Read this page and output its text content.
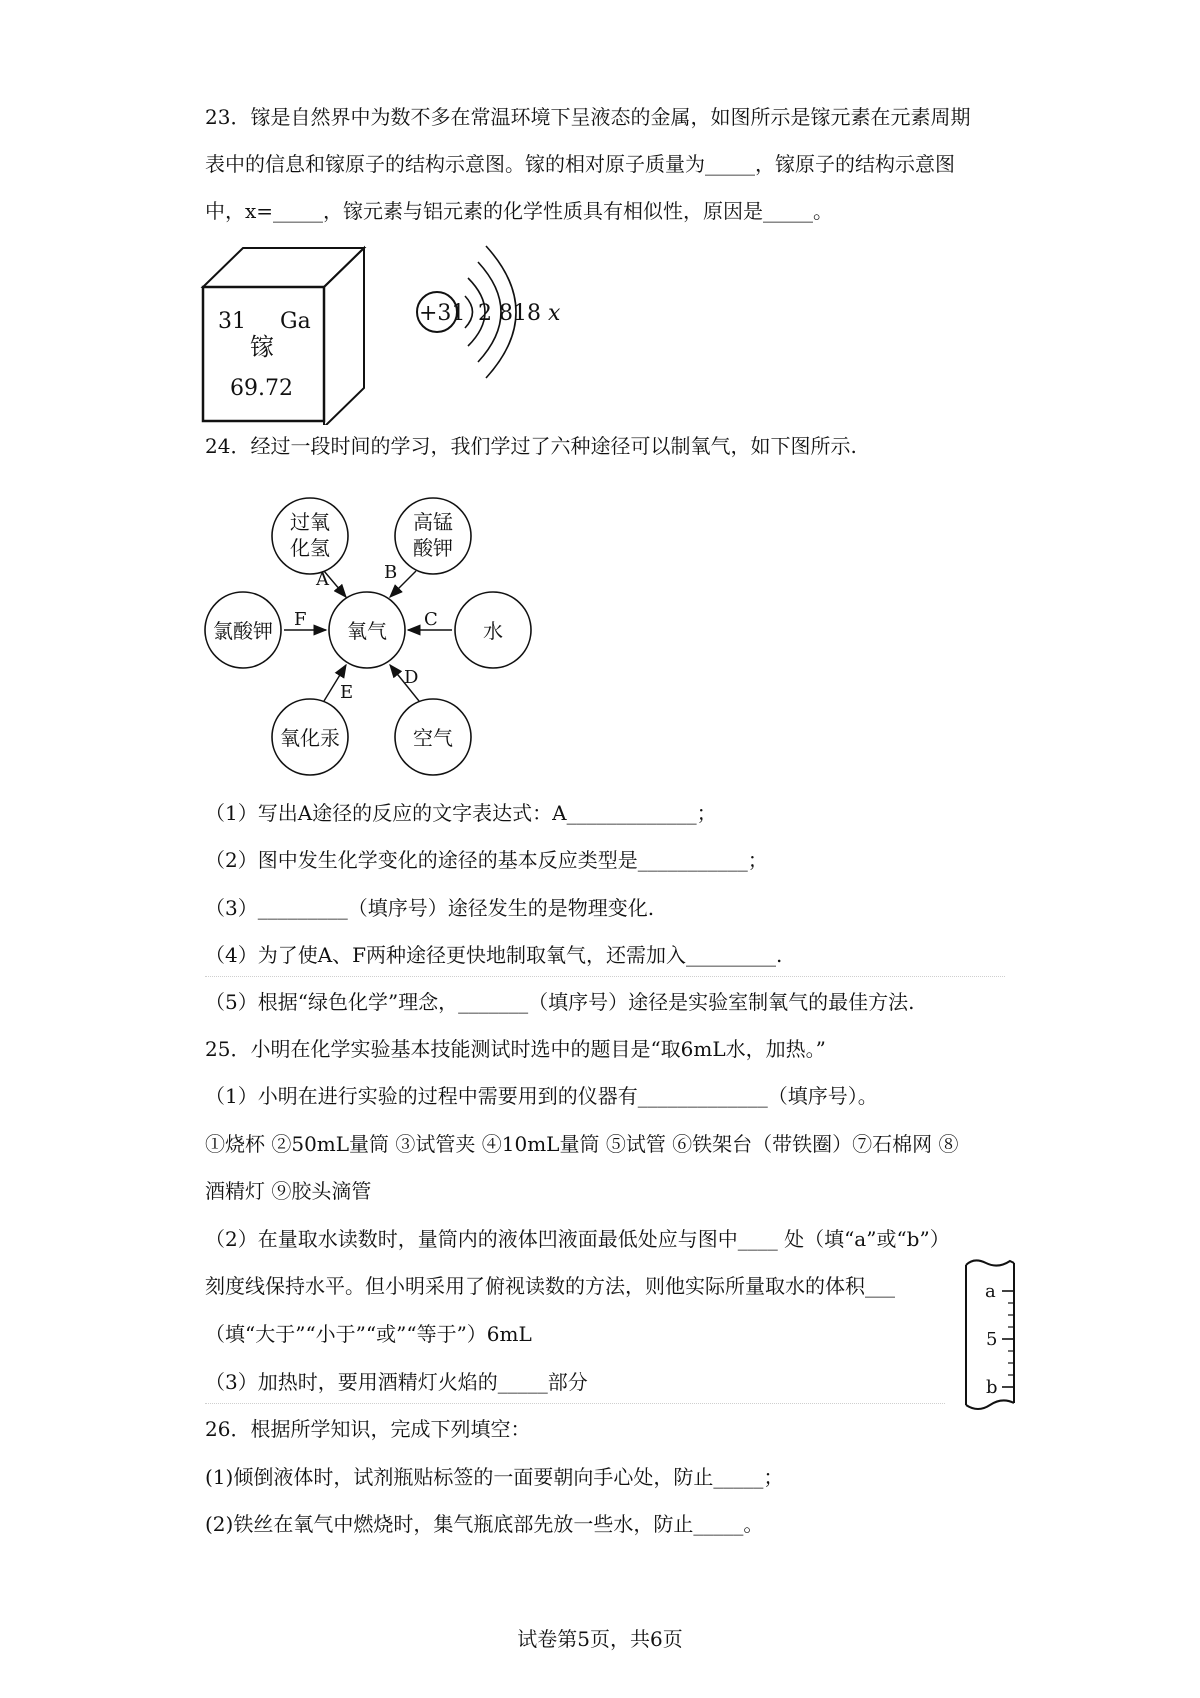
23．镓是自然界中为数不多在常温环境下呈液态的金属，如图所示是镓元素在元素周期
表中的信息和镓原子的结构示意图。镓的相对原子质量为_____，镓原子的结构示意图
中，x=_____，镓元素与铝元素的化学性质具有相似性，原因是_____。
31 Ga
镓
69.72
+31 2 8 18 x
24．经过一段时间的学习，我们学过了六种途径可以制氧气，如下图所示.
氧气
过氧
化氢
高锰
酸钾
氯酸钾	水
氧化汞	空气
A	B
C
D
E
F
（1）写出A途径的反应的文字表达式：A_____________；
（2）图中发生化学变化的途径的基本反应类型是___________；
（3）_________（填序号）途径发生的是物理变化.
（4）为了使A、F两种途径更快地制取氧气，还需加入_________.
（5）根据“绿色化学”理念，_______（填序号）途径是实验室制氧气的最佳方法.
25．小明在化学实验基本技能测试时选中的题目是“取6mL水，加热。”
（1）小明在进行实验的过程中需要用到的仪器有_____________（填序号）。
①烧杯 ②50mL量筒 ③试管夹 ④10mL量筒 ⑤试管 ⑥铁架台（带铁圈）⑦石棉网 ⑧
酒精灯 ⑨胶头滴管
（2）在量取水读数时，量筒内的液体凹液面最低处应与图中____ 处（填“a”或“b”）
刻度线保持水平。但小明采用了俯视读数的方法，则他实际所量取水的体积___
（填“大于”“小于”“或”“等于”）6mL
（3）加热时，要用酒精灯火焰的_____部分
a
5
b
26．根据所学知识，完成下列填空：
(1)倾倒液体时，试剂瓶贴标签的一面要朝向手心处，防止_____；
(2)铁丝在氧气中燃烧时，集气瓶底部先放一些水，防止_____。
试卷第5页，共6页
